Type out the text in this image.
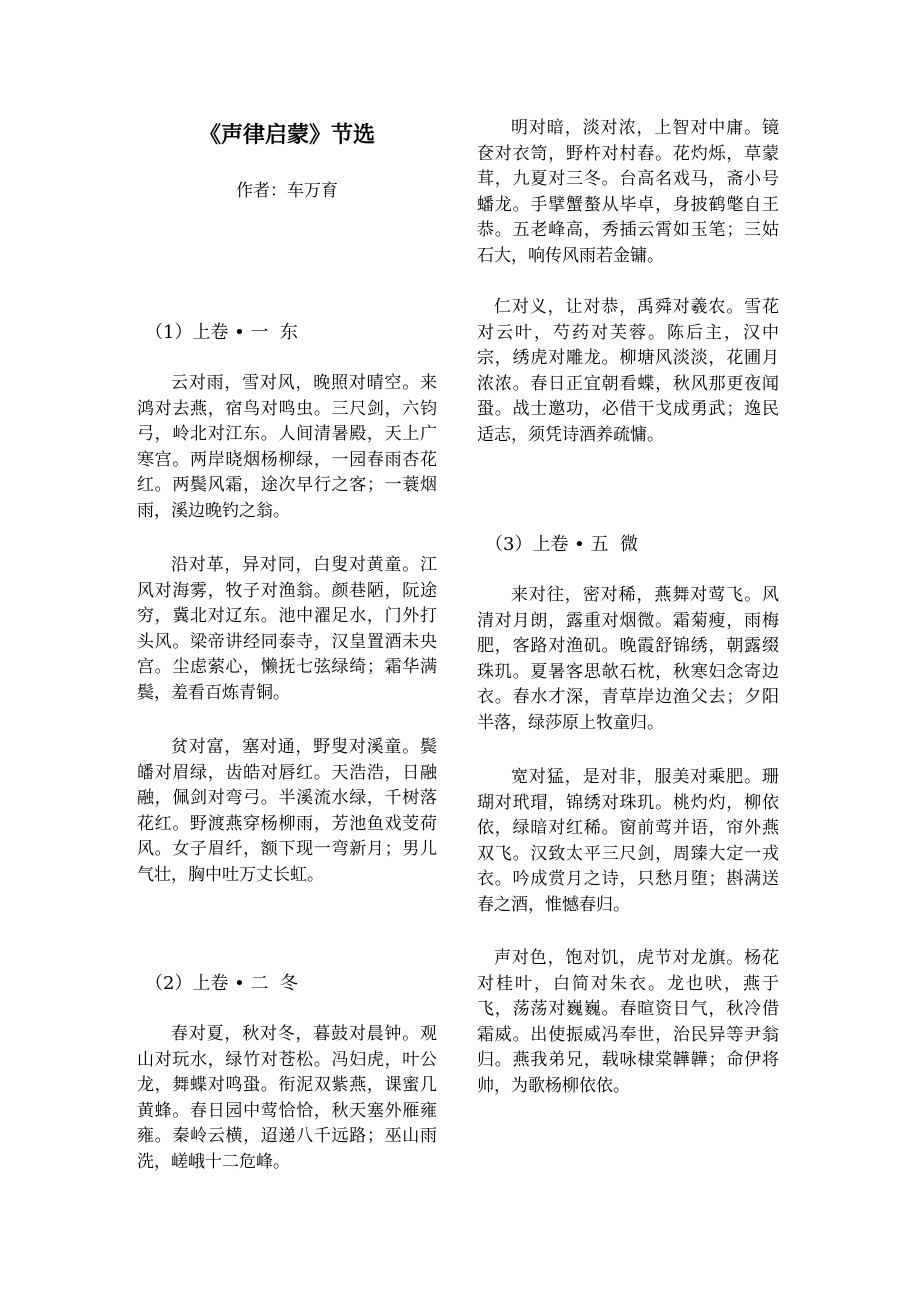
《声律启蒙》节选
作者：车万育
（1）上卷 • 一  东

云对雨，雪对风，晚照对晴空。来鸿对去燕，宿鸟对鸣虫。三尺剑，六钧弓，岭北对江东。人间清暑殿，天上广寒宫。两岸晓烟杨柳绿，一园春雨杏花红。两鬓风霜，途次早行之客；一蓑烟雨，溪边晚钓之翁。

沿对革，异对同，白叟对黄童。江风对海雾，牧子对渔翁。颜巷陋，阮途穷，冀北对辽东。池中濯足水，门外打头风。梁帝讲经同泰寺，汉皇置酒未央宫。尘虑萦心，懒抚七弦绿绮；霜华满鬓，羞看百炼青铜。

贫对富，塞对通，野叟对溪童。鬓皤对眉绿，齿皓对唇红。天浩浩，日融融，佩剑对弯弓。半溪流水绿，千树落花红。野渡燕穿杨柳雨，芳池鱼戏芰荷风。女子眉纤，额下现一弯新月；男儿气壮，胸中吐万丈长虹。

（2）上卷 • 二  冬

春对夏，秋对冬，暮鼓对晨钟。观山对玩水，绿竹对苍松。冯妇虎，叶公龙，舞蝶对鸣蛩。衔泥双紫燕，课蜜几黄蜂。春日园中莺恰恰，秋天塞外雁雍雍。秦岭云横，迢递八千远路；巫山雨洗，嵯峨十二危峰。

明对暗，淡对浓，上智对中庸。镜奁对衣笥，野杵对村舂。花灼烁，草蒙茸，九夏对三冬。台高名戏马，斋小号蟠龙。手擘蟹螯从毕卓，身披鹤氅自王恭。五老峰高，秀插云霄如玉笔；三姑石大，响传风雨若金镛。

仁对义，让对恭，禹舜对羲农。雪花对云叶，芍药对芙蓉。陈后主，汉中宗，绣虎对雕龙。柳塘风淡淡，花圃月浓浓。春日正宜朝看蝶，秋风那更夜闻蛩。战士邀功，必借干戈成勇武；逸民适志，须凭诗酒养疏慵。

（3）上卷 • 五  微

来对往，密对稀，燕舞对莺飞。风清对月朗，露重对烟微。霜菊瘦，雨梅肥，客路对渔矶。晚霞舒锦绣，朝露缀珠玑。夏暑客思欹石枕，秋寒妇念寄边衣。春水才深，青草岸边渔父去；夕阳半落，绿莎原上牧童归。

宽对猛，是对非，服美对乘肥。珊瑚对玳瑁，锦绣对珠玑。桃灼灼，柳依依，绿暗对红稀。窗前莺并语，帘外燕双飞。汉致太平三尺剑，周臻大定一戎衣。吟成赏月之诗，只愁月堕；斟满送春之酒，惟憾春归。

声对色，饱对饥，虎节对龙旗。杨花对桂叶，白简对朱衣。龙也吠，燕于飞，荡荡对巍巍。春暄资日气，秋冷借霜威。出使振威冯奉世，治民异等尹翁归。燕我弟兄，载咏棣棠韡韡；命伊将帅，为歌杨柳依依。
